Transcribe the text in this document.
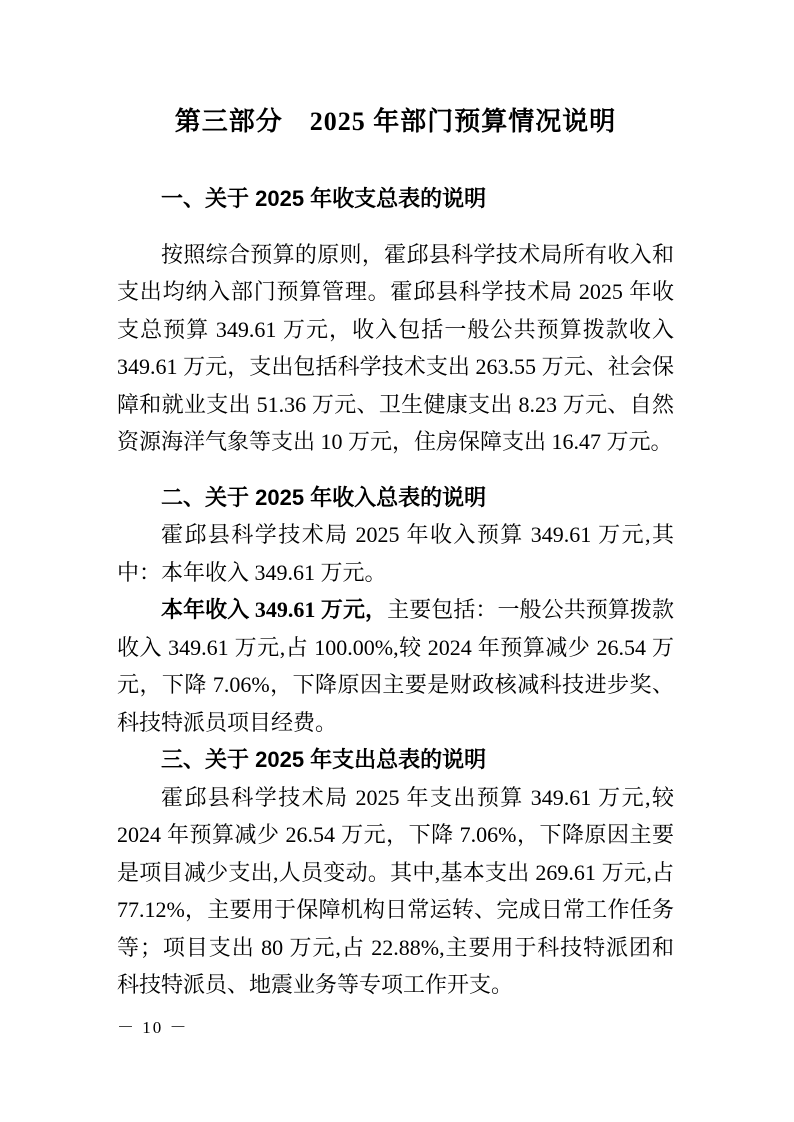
第三部分　2025 年部门预算情况说明
一、关于 2025 年收支总表的说明

按照综合预算的原则，霍邱县科学技术局所有收入和支出均纳入部门预算管理。霍邱县科学技术局 2025 年收支总预算 349.61 万元，收入包括一般公共预算拨款收入 349.61 万元，支出包括科学技术支出 263.55 万元、社会保障和就业支出 51.36 万元、卫生健康支出 8.23 万元、自然资源海洋气象等支出 10 万元，住房保障支出 16.47 万元。

二、关于 2025 年收入总表的说明

霍邱县科学技术局 2025 年收入预算 349.61 万元,其中：本年收入 349.61 万元。

本年收入 349.61 万元，主要包括：一般公共预算拨款收入 349.61 万元,占 100.00%,较 2024 年预算减少 26.54 万元，下降 7.06%，下降原因主要是财政核减科技进步奖、科技特派员项目经费。

三、关于 2025 年支出总表的说明

霍邱县科学技术局 2025 年支出预算 349.61 万元,较 2024 年预算减少 26.54 万元，下降 7.06%，下降原因主要是项目减少支出,人员变动。其中,基本支出 269.61 万元,占 77.12%，主要用于保障机构日常运转、完成日常工作任务等；项目支出 80 万元,占 22.88%,主要用于科技特派团和科技特派员、地震业务等专项工作开支。

－ 10 －
